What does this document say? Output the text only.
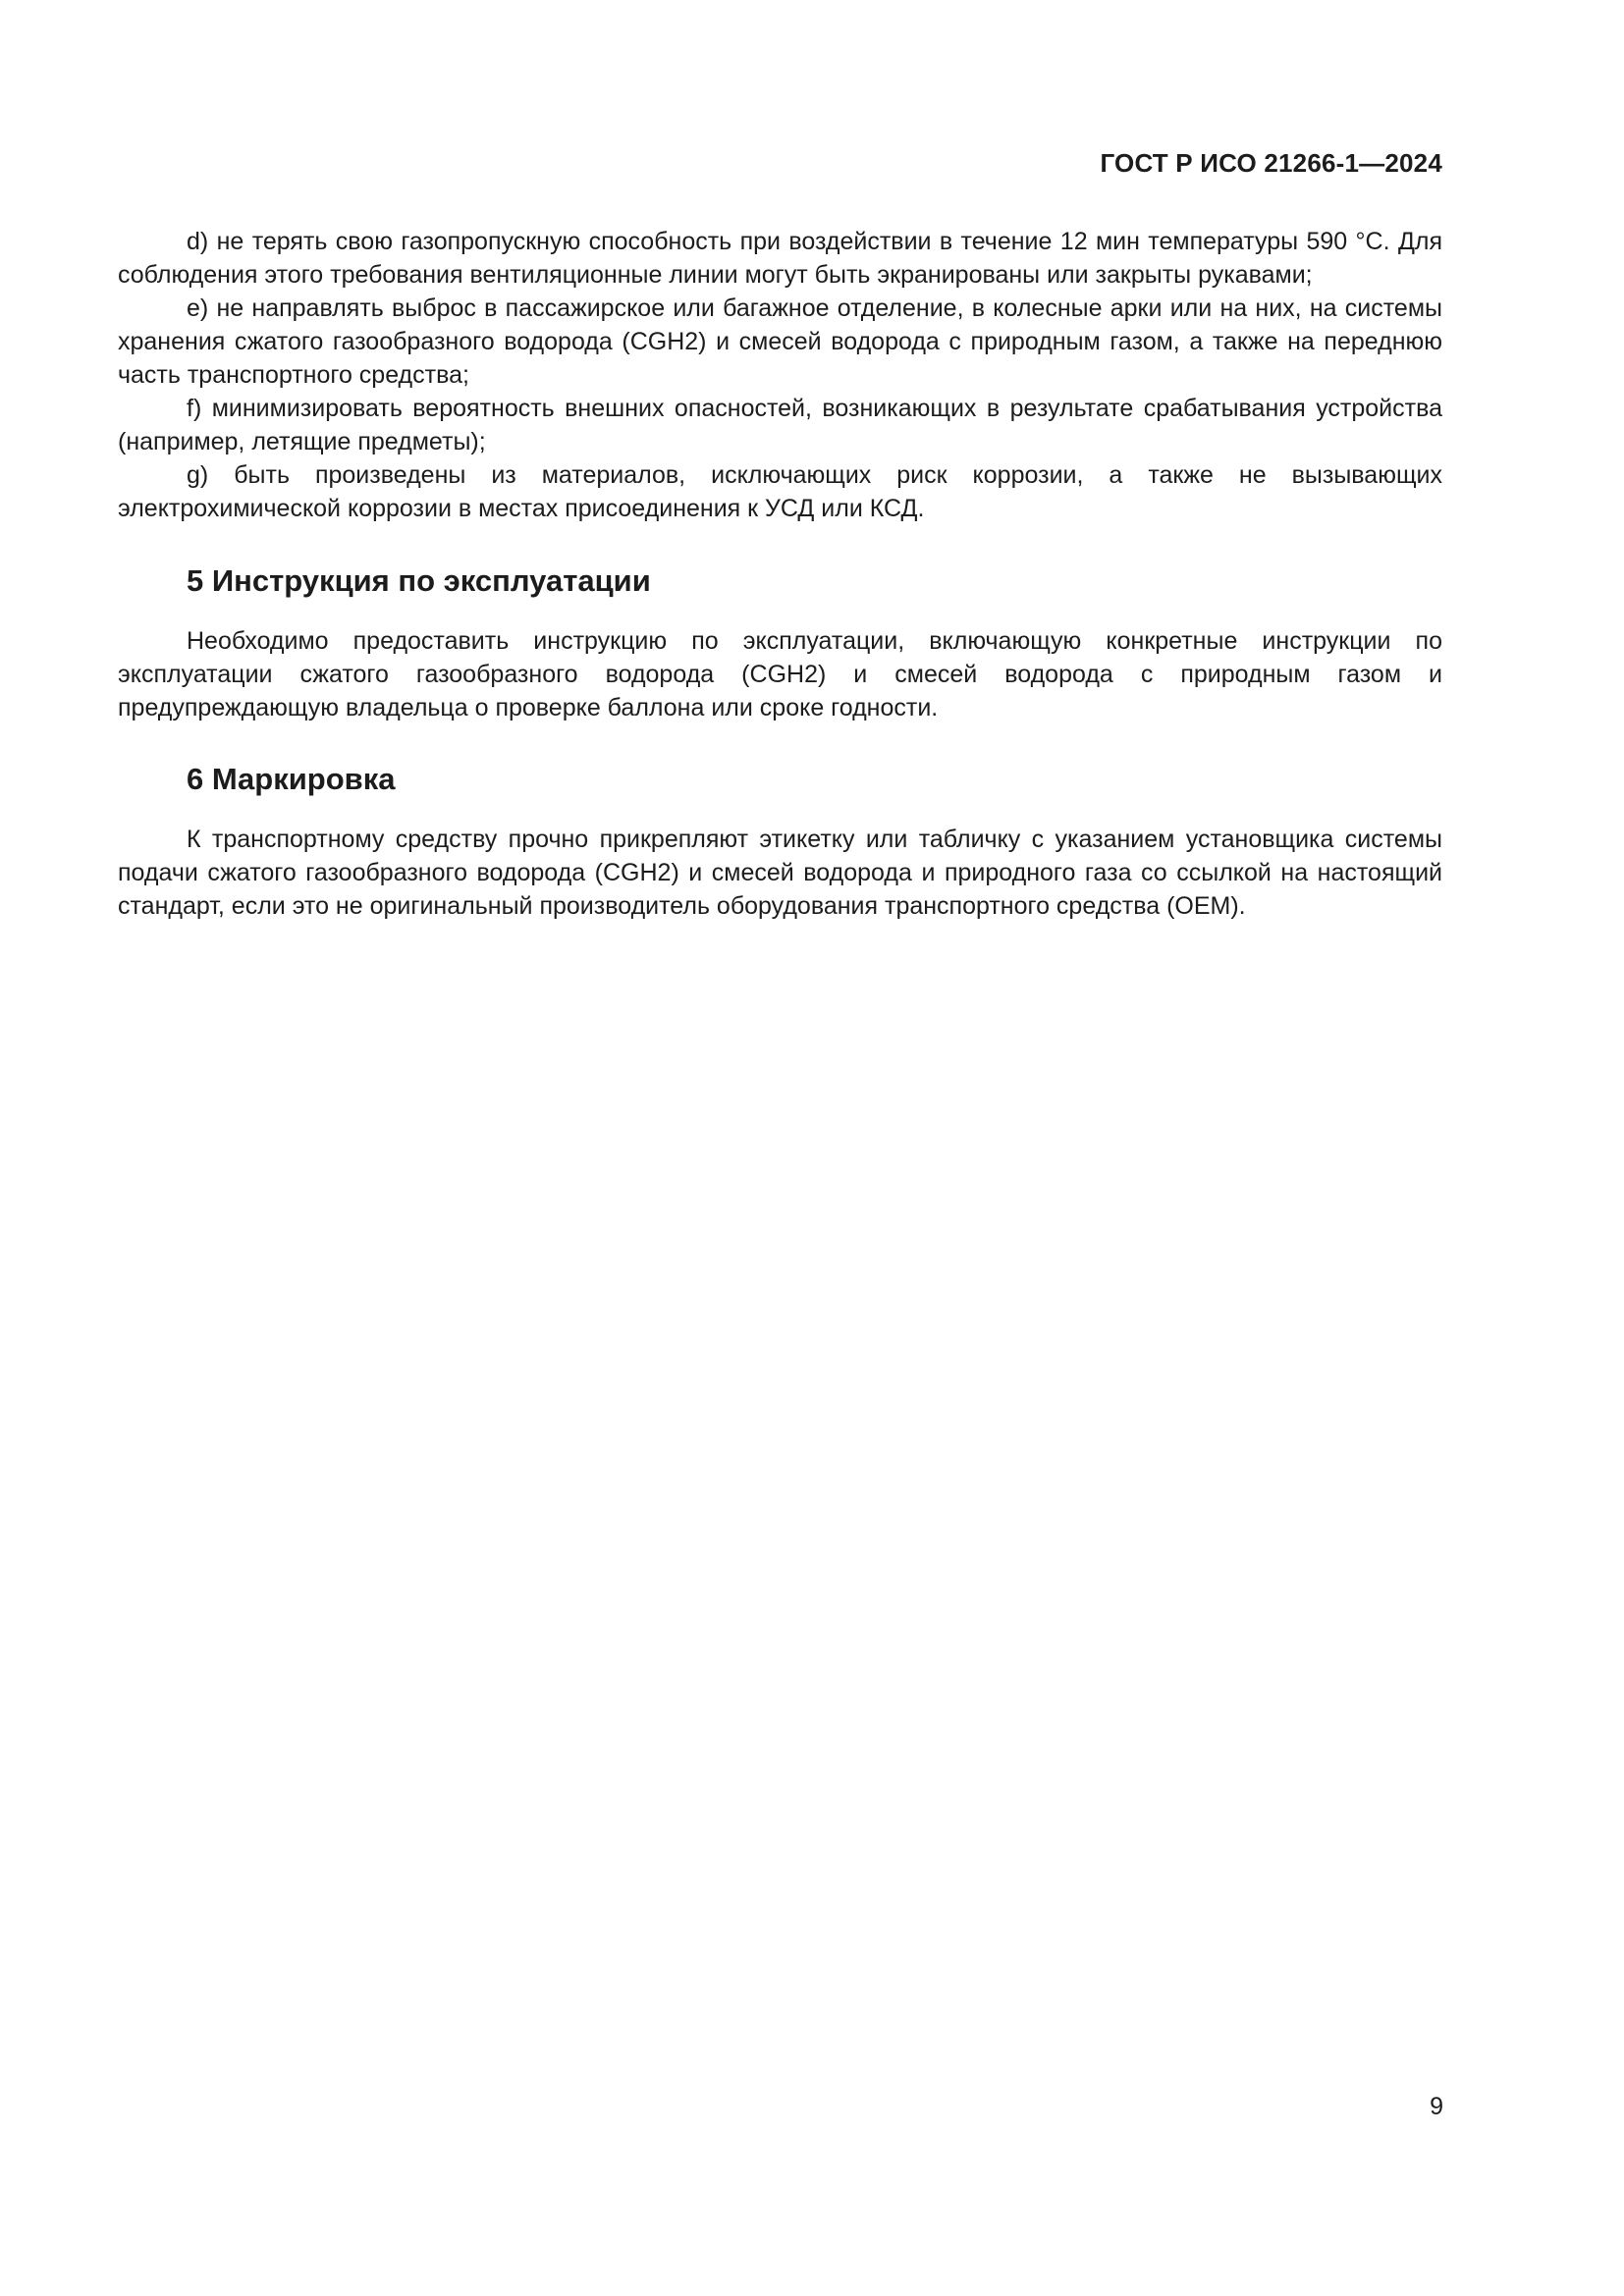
ГОСТ Р ИСО 21266-1—2024

d) не терять свою газопропускную способность при воздействии в течение 12 мин температуры 590 °С. Для соблюдения этого требования вентиляционные линии могут быть экранированы или закрыты рукавами;

е) не направлять выброс в пассажирское или багажное отделение, в колесные арки или на них, на системы хранения сжатого газообразного водорода (CGH2) и смесей водорода с природным газом, а также на переднюю часть транспортного средства;

f) минимизировать вероятность внешних опасностей, возникающих в результате срабатывания устройства (например, летящие предметы);

g) быть произведены из материалов, исключающих риск коррозии, а также не вызывающих электрохимической коррозии в местах присоединения к УСД или КСД.

5 Инструкция по эксплуатации

Необходимо предоставить инструкцию по эксплуатации, включающую конкретные инструкции по эксплуатации сжатого газообразного водорода (CGH2) и смесей водорода с природным газом и предупреждающую владельца о проверке баллона или сроке годности.

6 Маркировка

К транспортному средству прочно прикрепляют этикетку или табличку с указанием установщика системы подачи сжатого газообразного водорода (CGH2) и смесей водорода и природного газа со ссылкой на настоящий стандарт, если это не оригинальный производитель оборудования транспортного средства (OEM).

9
